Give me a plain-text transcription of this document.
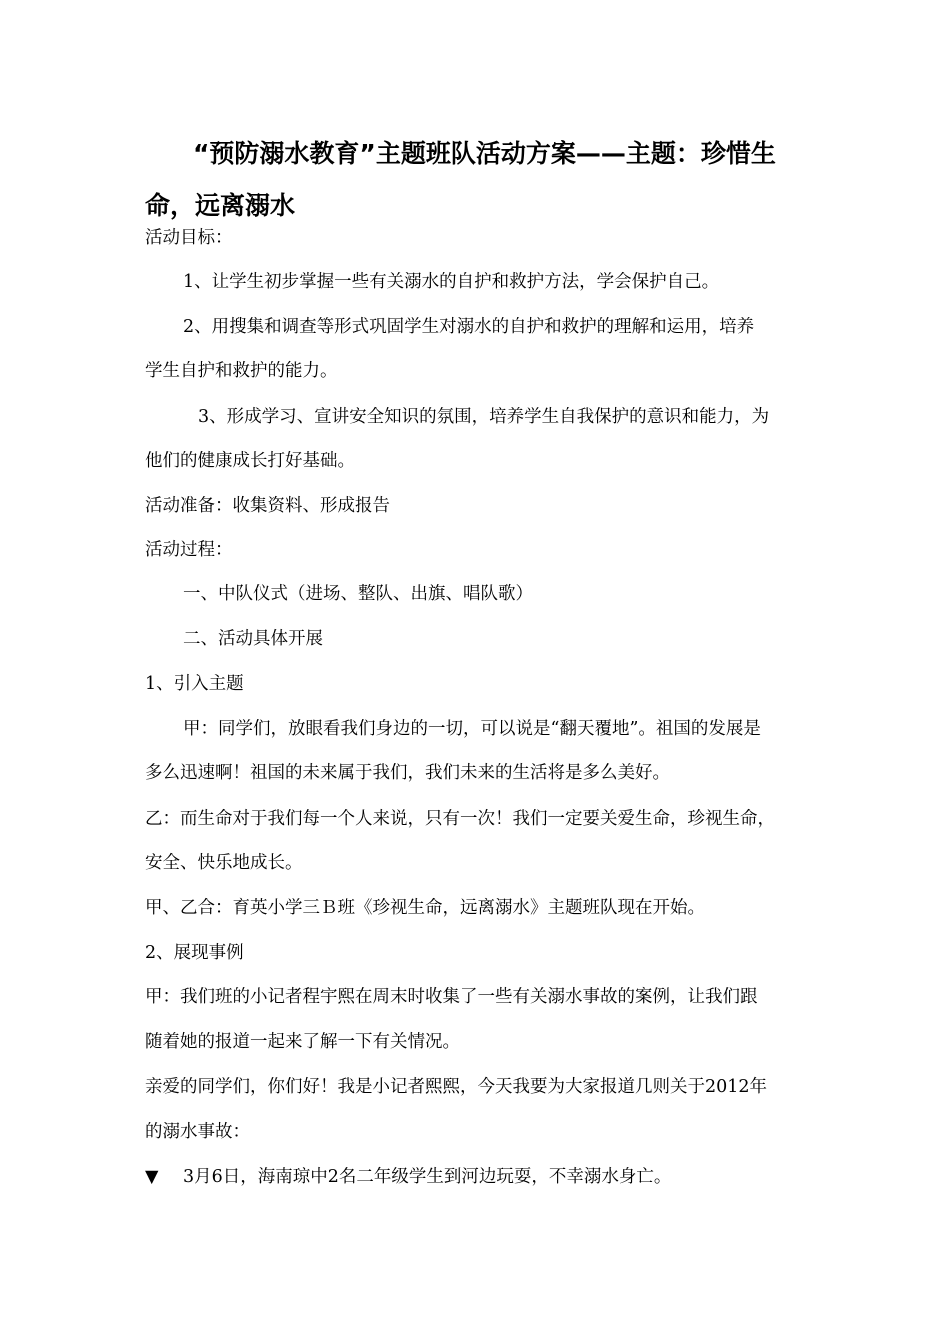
“预防溺水教育”主题班队活动方案——主题：珍惜生
命，远离溺水

活动目标：

1、让学生初步掌握一些有关溺水的自护和救护方法，学会保护自己。

2、用搜集和调查等形式巩固学生对溺水的自护和救护的理解和运用，培养

学生自护和救护的能力。

3、形成学习、宣讲安全知识的氛围，培养学生自我保护的意识和能力，为

他们的健康成长打好基础。

活动准备：收集资料、形成报告

活动过程：

一、中队仪式（进场、整队、出旗、唱队歌）

二、活动具体开展

1、引入主题

甲：同学们，放眼看我们身边的一切，可以说是“翻天覆地”。祖国的发展是

多么迅速啊！祖国的未来属于我们，我们未来的生活将是多么美好。

乙：而生命对于我们每一个人来说，只有一次！我们一定要关爱生命，珍视生命，

安全、快乐地成长。

甲、乙合：育英小学三Ｂ班《珍视生命，远离溺水》主题班队现在开始。

2、展现事例

甲：我们班的小记者程宇熙在周末时收集了一些有关溺水事故的案例，让我们跟

随着她的报道一起来了解一下有关情况。

亲爱的同学们，你们好！我是小记者熙熙，今天我要为大家报道几则关于2012年

的溺水事故：

▼ 3月6日，海南琼中2名二年级学生到河边玩耍，不幸溺水身亡。
